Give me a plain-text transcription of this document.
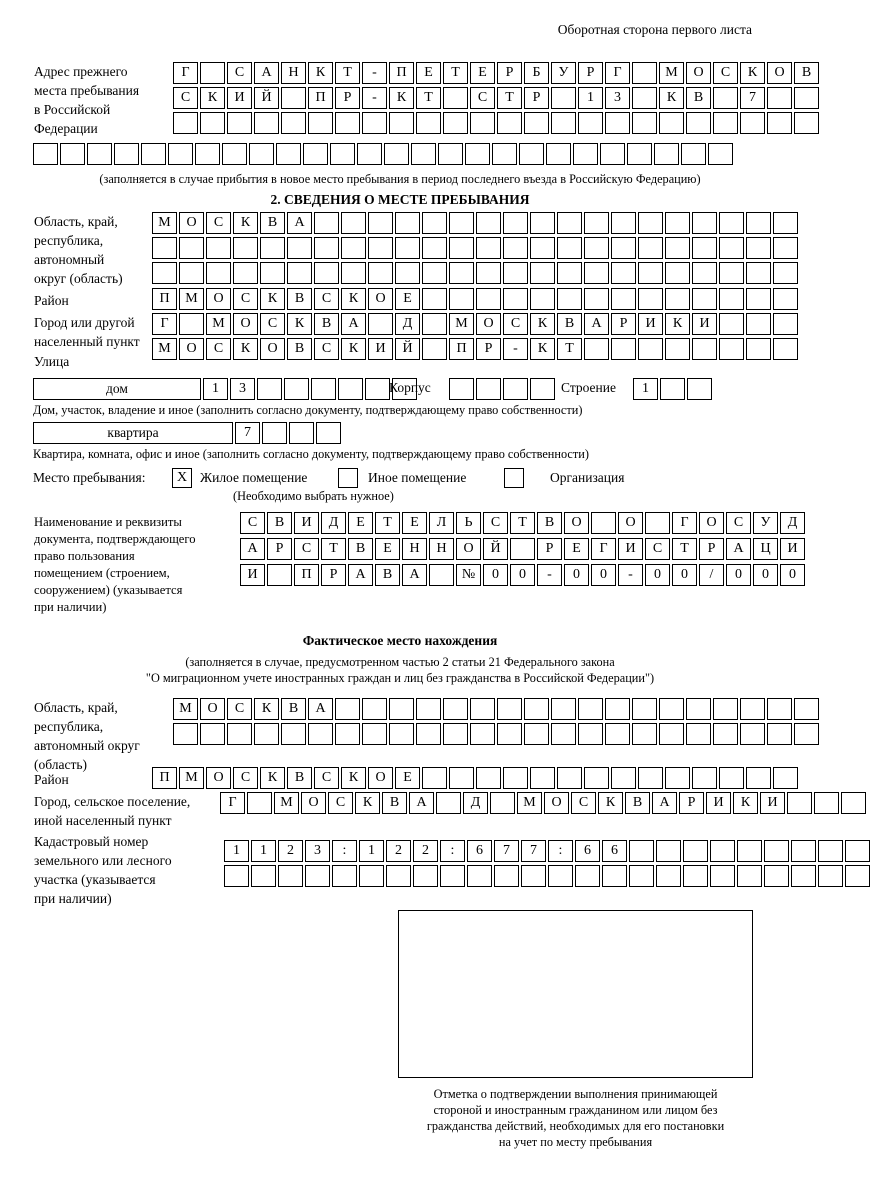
Оборотная сторона первого листа
Адрес прежнего
места пребывания
в Российской
Федерации
Г	С	А	Н	К	Т	-	П	Е	Т	Е	Р	Б	У	Р	Г	М	О	С	К	О	В
С	К	И	Й	П	Р	-	К	Т	С	Т	Р	1	3	К	В	7
(заполняется в случае прибытия в новое место пребывания в период последнего въезда в Российскую Федерацию)
2. СВЕДЕНИЯ О МЕСТЕ ПРЕБЫВАНИЯ
Область, край,
республика,
автономный
округ (область)
М	О	С	К	В	А
Район	П	М	О	С	К	В	С	К	О	Е
Город или другой
населенный пункт
Улица
Г	М	О	С	К	В	А	Д	М	О	С	К	В	А	Р	И	К	И
М	О	С	К	О	В	С	К	И	Й	П	Р	-	К	Т
дом	1	3	Корпус	Строение	1
Дом, участок, владение и иное (заполнить согласно документу, подтверждающему право собственности)
квартира	7
Квартира, комната, офис и иное (заполнить согласно документу, подтверждающему право собственности)
Место пребывания:	Х Жилое помещение	Иное помещение	Организация
(Необходимо выбрать нужное)
Наименование и реквизиты
документа, подтверждающего
право пользования
помещением (строением,
сооружением) (указывается
при наличии)
С	В	И	Д	Е	Т	Е	Л	Ь	С	Т	В	О	О	Г	О	С	У	Д
А	Р	С	Т	В	Е	Н	Н	О	Й	Р	Е	Г	И	С	Т	Р	А	Ц	И
И	П	Р	А	В	А	№	0	0	-	0	0	-	0	0	/	0	0	0
Фактическое место нахождения
(заполняется в случае, предусмотренном частью 2 статьи 21 Федерального закона
"О миграционном учете иностранных граждан и лиц без гражданства в Российской Федерации")
Область, край,
республика,
автономный округ
(область)
М	О	С	К	В	А
Район	П	М	О	С	К	В	С	К	О	Е
Город, сельское поселение,
иной населенный пункт
Г	М	О	С	К	В	А	Д	М	О	С	К	В	А	Р	И	К	И
Кадастровый номер
земельного или лесного
участка (указывается
при наличии)
1	1	2	3	:	1	2	2	:	6	7	7	:	6	6
Отметка о подтверждении выполнения принимающей
стороной и иностранным гражданином или лицом без
гражданства действий, необходимых для его постановки
на учет по месту пребывания
